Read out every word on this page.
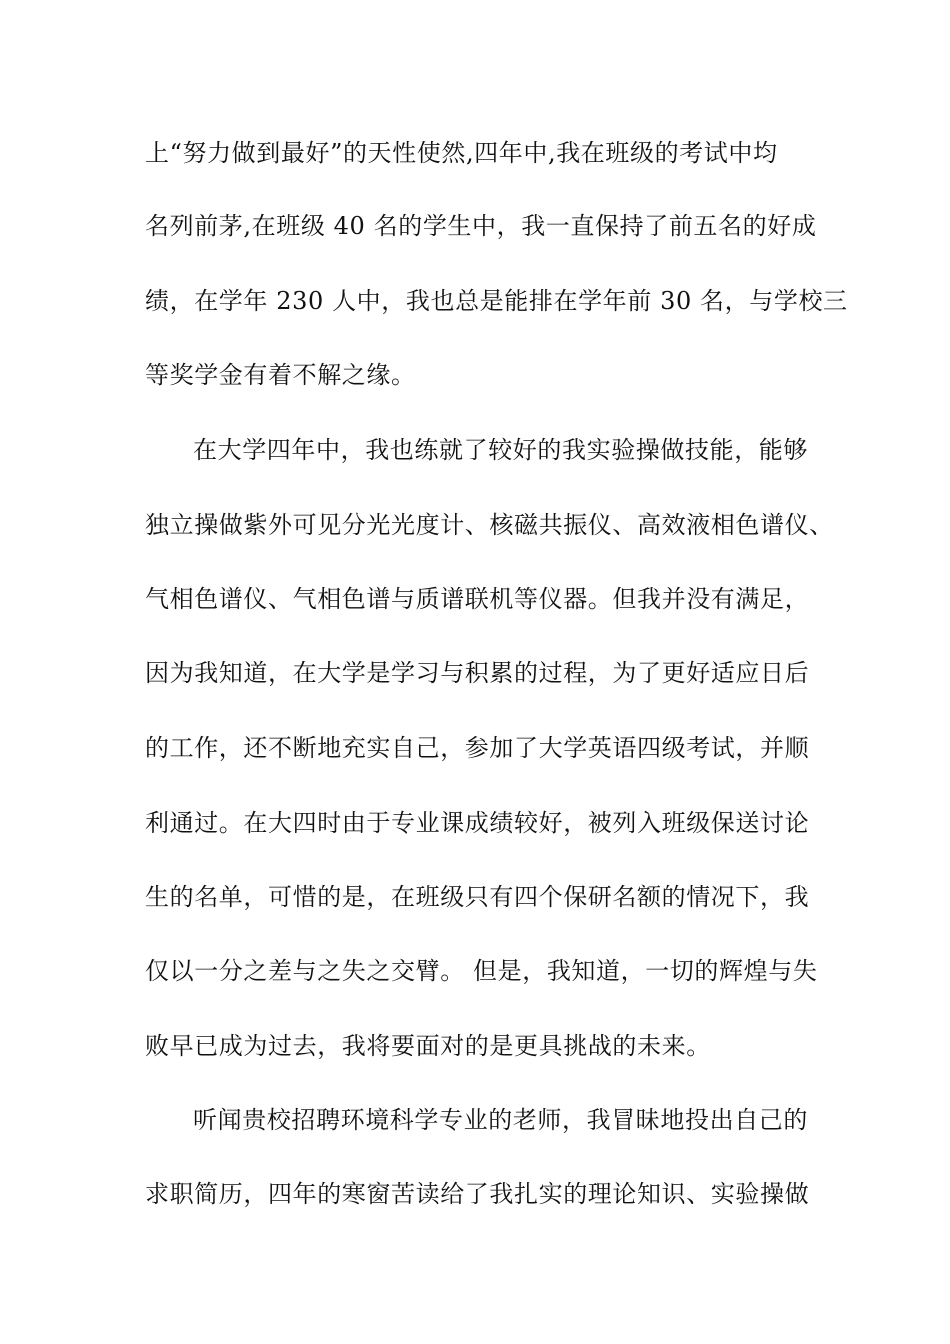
上“努力做到最好”的天性使然,四年中,我在班级的考试中均
名列前茅,在班级 40 名的学生中，我一直保持了前五名的好成
绩，在学年 230 人中，我也总是能排在学年前 30 名，与学校三
等奖学金有着不解之缘。
在大学四年中，我也练就了较好的我实验操做技能，能够
独立操做紫外可见分光光度计、核磁共振仪、高效液相色谱仪、
气相色谱仪、气相色谱与质谱联机等仪器。但我并没有满足，
因为我知道，在大学是学习与积累的过程，为了更好适应日后
的工作，还不断地充实自己，参加了大学英语四级考试，并顺
利通过。在大四时由于专业课成绩较好，被列入班级保送讨论
生的名单，可惜的是，在班级只有四个保研名额的情况下，我
仅以一分之差与之失之交臂。 但是，我知道，一切的辉煌与失
败早已成为过去，我将要面对的是更具挑战的未来。
听闻贵校招聘环境科学专业的老师，我冒昧地投出自己的
求职简历，四年的寒窗苦读给了我扎实的理论知识、实验操做
